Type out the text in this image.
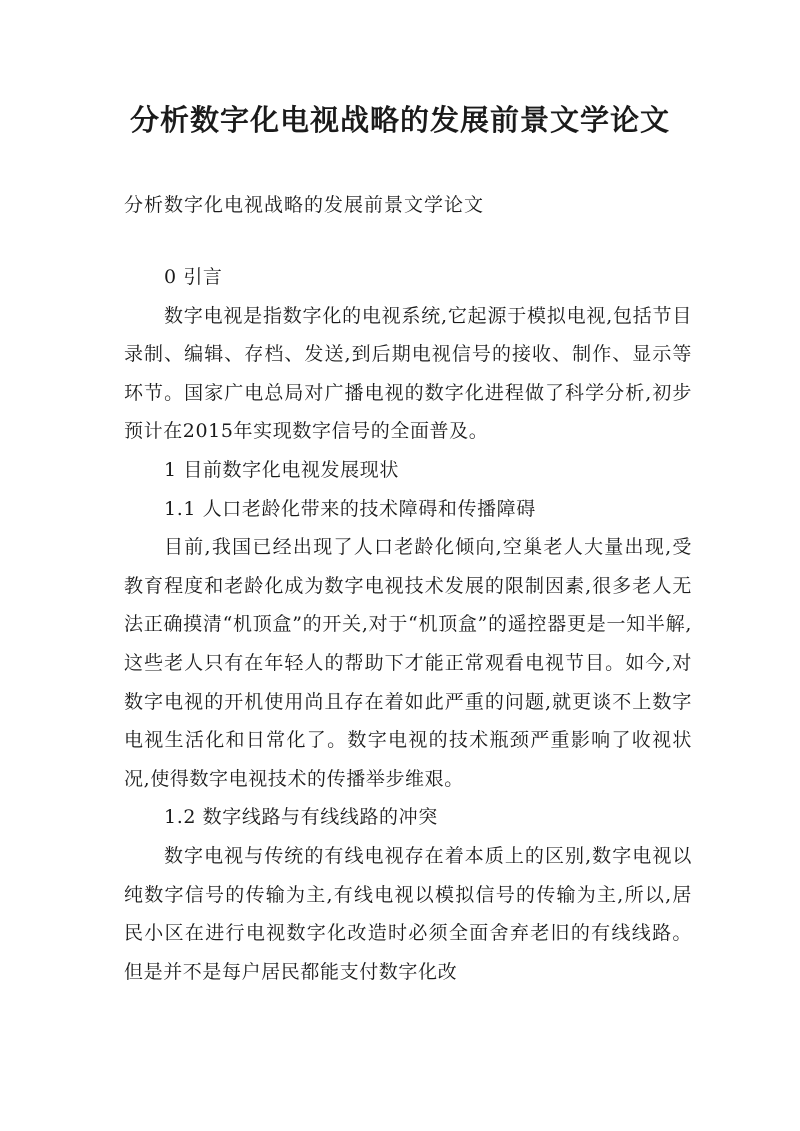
分析数字化电视战略的发展前景文学论文

分析数字化电视战略的发展前景文学论文

0 引言

数字电视是指数字化的电视系统,它起源于模拟电视,包括节目录制、编辑、存档、发送,到后期电视信号的接收、制作、显示等环节。国家广电总局对广播电视的数字化进程做了科学分析,初步预计在2015年实现数字信号的全面普及。

1 目前数字化电视发展现状

1.1 人口老龄化带来的技术障碍和传播障碍

目前,我国已经出现了人口老龄化倾向,空巢老人大量出现,受教育程度和老龄化成为数字电视技术发展的限制因素,很多老人无法正确摸清“机顶盒”的开关,对于“机顶盒”的遥控器更是一知半解,这些老人只有在年轻人的帮助下才能正常观看电视节目。如今,对数字电视的开机使用尚且存在着如此严重的问题,就更谈不上数字电视生活化和日常化了。数字电视的技术瓶颈严重影响了收视状况,使得数字电视技术的传播举步维艰。

1.2 数字线路与有线线路的冲突

数字电视与传统的有线电视存在着本质上的区别,数字电视以纯数字信号的传输为主,有线电视以模拟信号的传输为主,所以,居民小区在进行电视数字化改造时必须全面舍弃老旧的有线线路。但是并不是每户居民都能支付数字化改
